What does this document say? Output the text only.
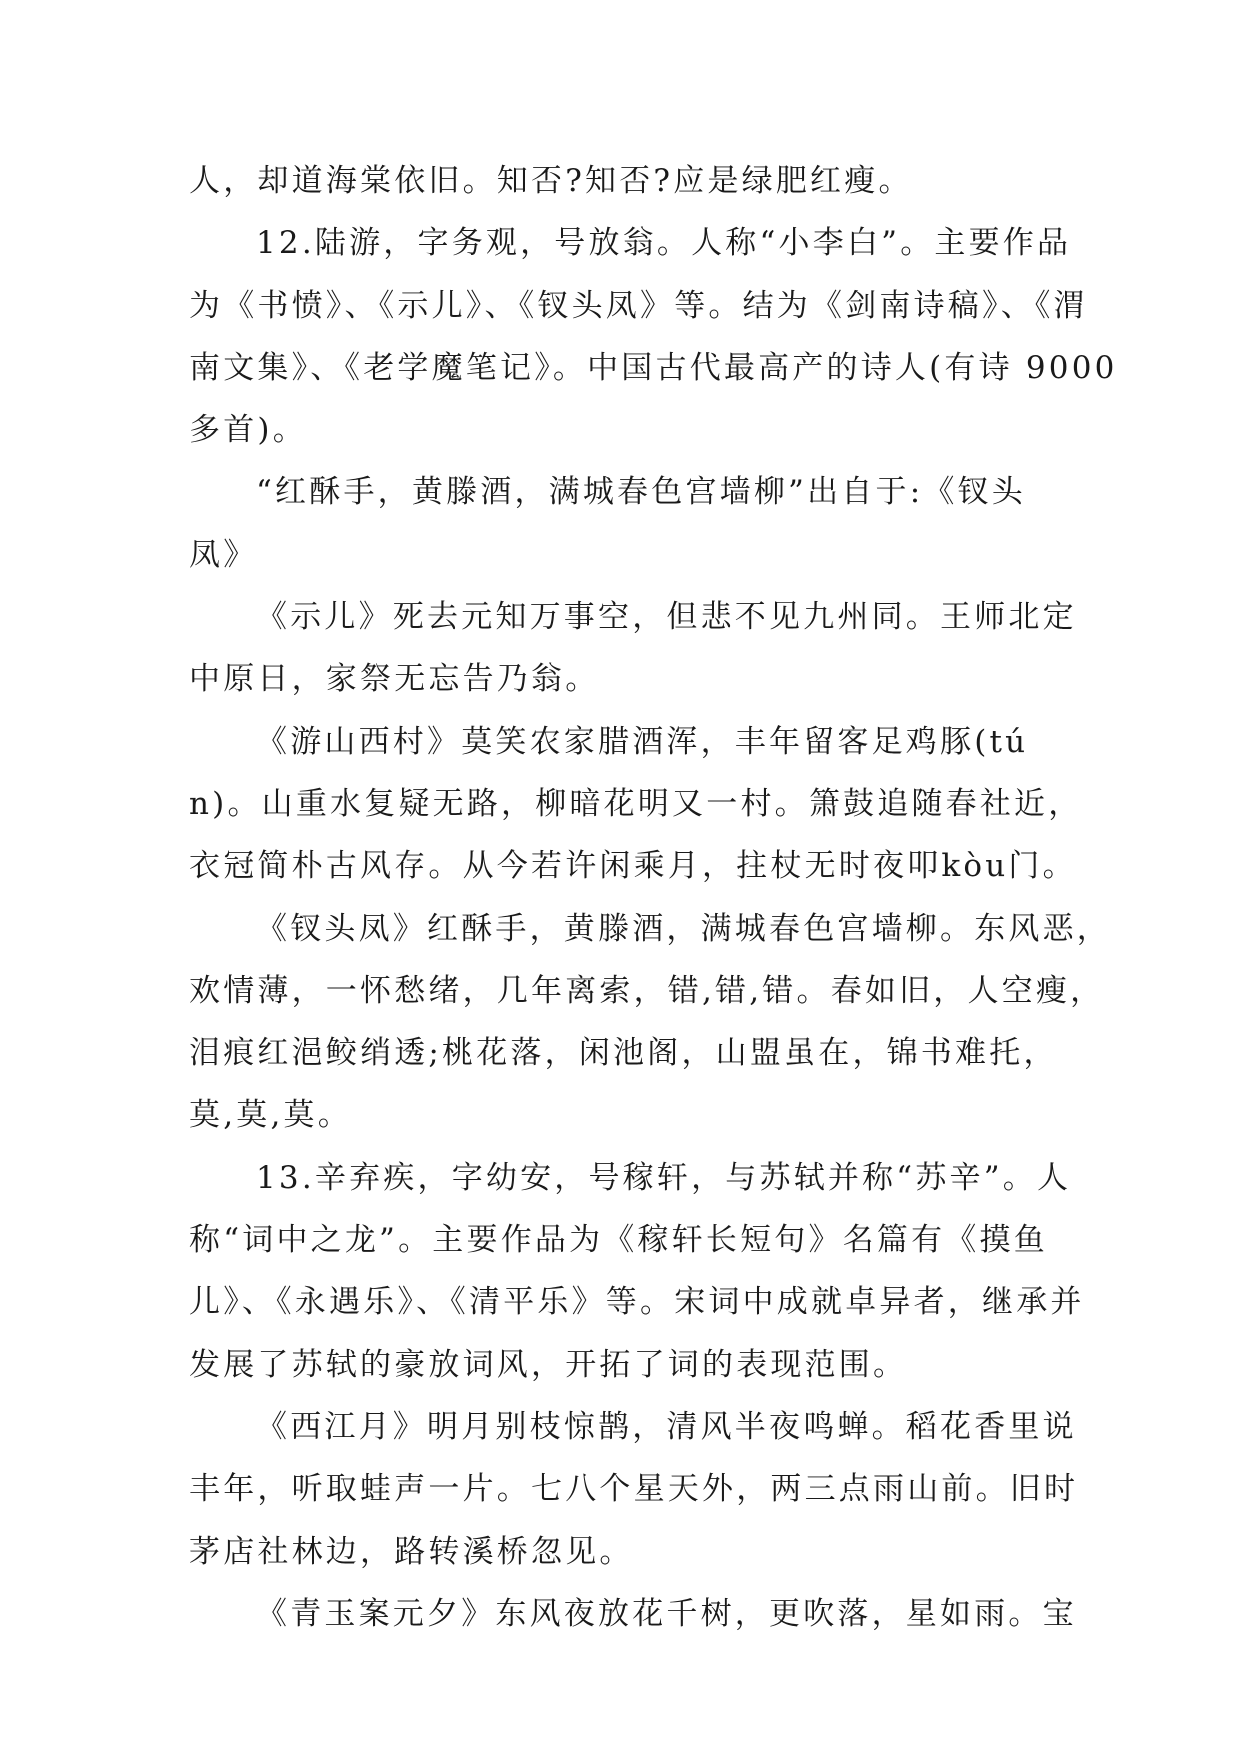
人，却道海棠依旧。知否?知否?应是绿肥红瘦。
12.陆游，字务观，号放翁。人称“小李白”。主要作品
为《书愤》、《示儿》、《钗头凤》等。结为《剑南诗稿》、《渭
南文集》、《老学魔笔记》。中国古代最高产的诗人(有诗 9000
多首)。
“红酥手，黄滕酒，满城春色宫墙柳”出自于:《钗头
凤》
《示儿》死去元知万事空，但悲不见九州同。王师北定
中原日，家祭无忘告乃翁。
《游山西村》莫笑农家腊酒浑，丰年留客足鸡豚(tú
n)。山重水复疑无路，柳暗花明又一村。箫鼓追随春社近，
衣冠简朴古风存。从今若许闲乘月，拄杖无时夜叩kòu门。
《钗头凤》红酥手，黄滕酒，满城春色宫墙柳。东风恶，
欢情薄，一怀愁绪，几年离索，错,错,错。春如旧，人空瘦，
泪痕红浥鲛绡透;桃花落，闲池阁，山盟虽在，锦书难托，
莫,莫,莫。
13.辛弃疾，字幼安，号稼轩，与苏轼并称“苏辛”。人
称“词中之龙”。主要作品为《稼轩长短句》名篇有《摸鱼
儿》、《永遇乐》、《清平乐》等。宋词中成就卓异者，继承并
发展了苏轼的豪放词风，开拓了词的表现范围。
《西江月》明月别枝惊鹊，清风半夜鸣蝉。稻花香里说
丰年，听取蛙声一片。七八个星天外，两三点雨山前。旧时
茅店社林边，路转溪桥忽见。
《青玉案元夕》东风夜放花千树，更吹落，星如雨。宝
